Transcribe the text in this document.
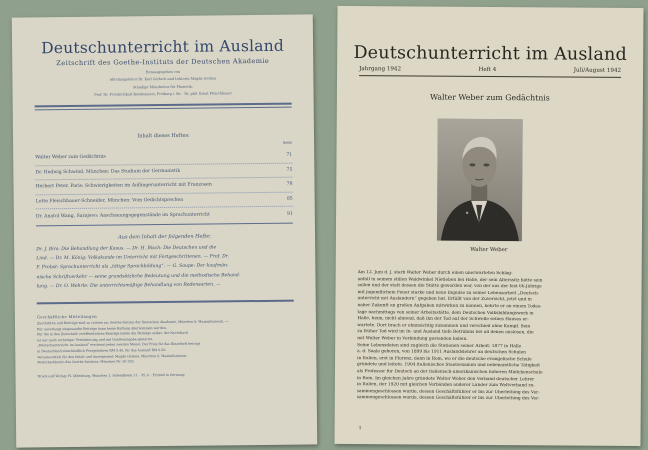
Deutschunterricht im Ausland
Zeitschrift des Goethe-Instituts der Deutschen Akademie
Herausgegeben von
Abteilungsleiter Dr. Karl Gerlach und Lektorin Magda Gerken
Ständige Mitarbeiter für Phonetik:
Prof. Dr. Friedrichkarl Roedemeyer, Freiburg i. Br. · Dr. phil. Ernst Fleischhauer
Inhalt dieses Heftes:
Seite
Walter Weber zum Gedächtnis	71
Dr. Hedwig Schwind, München: Das Studium der Germanistik	75
Herbert Peter, Paris: Schwierigkeiten im Anfängerunterricht mit Franzosen	78
Lotte Fleischhauer-Schneider, München: Vom Gedichtsprechen	85
Dr. Anatol Wang, Sarajevo: Anschauungsgegenstände im Sprachunterricht	91
Aus dem Inhalt der folgenden Hefte:
Dr. J. Birs: Die Behandlung der Kasus. — Dr. H. Bisch: Die Deutschen und die
Lind. — Dr. M. König: Volkskunde im Unterricht mit Fortgeschrittenen. — Prof. Dr.
F. Probst: Sprachunterricht als „tätige Sprachbildung“. — G. Saupe: Der kaufmän-
nische Schriftverkehr — seine grundsätzliche Bedeutung und die methodische Behand-
lung. — Dr. O. Wehrle: Die unterrichtsmäßige Behandlung von Redensarten. —
Geschäftliche Mitteilungen
Zuschriften und Beiträge sind zu richten an: Goethe-Institut der Deutschen Akademie, München 6, Maximilianeum. —
Für unverlangt eingesandte Beiträge kann keine Haftung übernommen werden.
Für die in den Zeitschrift veröffentlichten Beiträge haben die Beiträge selbst, der Nachdruck
ist nur nach vorheriger Vereinbarung und mit Quellenangabe gestattet.
„Deutschunterricht im Ausland“ erscheint jeden zweiten Monat. Der Preis für das Einzelheft beträgt
in Deutschland einschließlich Postgebühren RM 0.40, für das Ausland RM 0.50.
Verantwortlich für den Inhalt und Anzeigenteil: Magda Gerken, München 6, Maximilianeum.
Postscheckkonto des Goethe-Instituts: München Nr. 50 320.
Druck und Verlag: H. Olbenburg, München 1, Schleißheim 11. · Pl. 4. · Printed in Germany.
Deutschunterricht im Ausland
Jahrgang 1942	Heft 4	Juli/August 1942
Walter Weber zum Gedächtnis
Walter Weber
Am 12. Juni d. J. starb Walter Weber durch einen unerwarteten Schlag-
anfall in seinem stillen Waldwinkel Nietleben bei Halle, der sein Alterssitz hätte sein
sollen und der statt dessen die Stätte geworden war, von der aus der fast 66-Jährige
mit jugendlichem Feuer starke und neue Impulse zu seiner Lebensarbeit „Deutsch-
unterricht mit Ausländern“ gegeben hat. Erfüllt von der Zuversicht, jetzt und in
naher Zukunft an großen Aufgaben mitwirken zu können, kehrte er an einem Todes-
tage nachmittags von seiner Arbeitsstätte, dem Deutschen Volksbildungswerk in
Halle, heim, nicht ahnend, daß ihn der Tod auf der Schwelle seines Hauses er-
wartete. Dort brach er ohnmächtig zusammen und verschied ohne Kampf. Sein
zu früher Tod wird im In- und Ausland tiefe Betrübnis bei all denen auslösen, die
mit Walter Weber in Verbindung gestanden haben.
Seine Lebensdaten sind zugleich die Stationen seiner Arbeit: 1877 in Halle
a. d. Saale geboren, von 1899 bis 1911 Auslandslehrer an deutschen Schulen
in Italien, erst in Florenz, dann in Rom, wo er die deutsche evangelische Schule
gründete und leitete. 1904 italienisches Staatsexamen und nebenamtliche Tätigkeit
als Professor für Deutsch an der italienisch-amerikanischen höheren Mädchenschule
in Rom. Im gleichen Jahre gründete Walter Weber den Verband deutscher Lehrer
in Italien, der 1920 mit gleichen Verbänden anderer Länder zum Weltverband zu-
sammengeschlossen wurde, dessen Geschäftsführer er bis zur Überleitung des Ver-
sammengeschlossen wurde, dessen Geschäftsführer er bis zur Überleitung des Ver-
1
